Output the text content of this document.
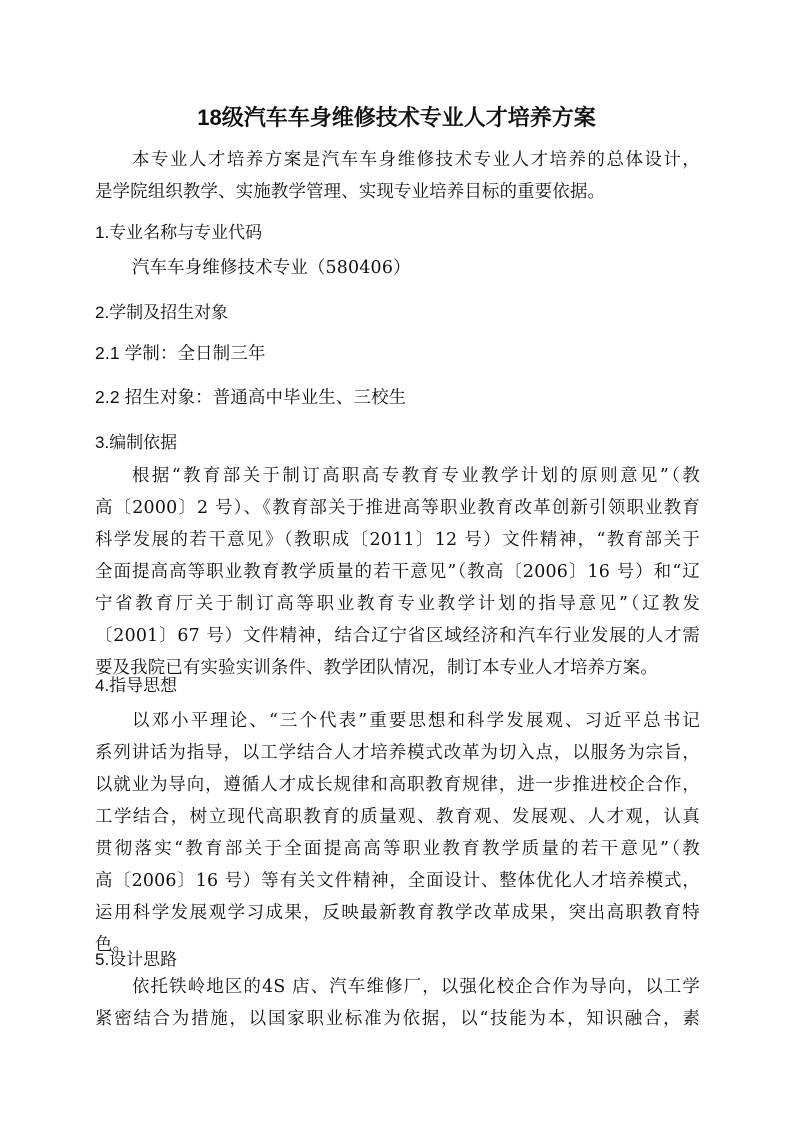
18级汽车车身维修技术专业人才培养方案
本专业人才培养方案是汽车车身维修技术专业人才培养的总体设计，
是学院组织教学、实施教学管理、实现专业培养目标的重要依据。
1.专业名称与专业代码
汽车车身维修技术专业（580406）
2.学制及招生对象
2.1 学制：全日制三年
2.2 招生对象：普通高中毕业生、三校生
3.编制依据
根据“教育部关于制订高职高专教育专业教学计划的原则意见”（教
高〔2000〕2 号）、《教育部关于推进高等职业教育改革创新引领职业教育
科学发展的若干意见》（教职成〔2011〕12 号）文件精神，“教育部关于
全面提高高等职业教育教学质量的若干意见”（教高〔2006〕16 号）和“辽
宁省教育厅关于制订高等职业教育专业教学计划的指导意见”（辽教发
〔2001〕67 号）文件精神，结合辽宁省区域经济和汽车行业发展的人才需
要及我院已有实验实训条件、教学团队情况，制订本专业人才培养方案。
4.指导思想
以邓小平理论、“三个代表”重要思想和科学发展观、习近平总书记
系列讲话为指导，以工学结合人才培养模式改革为切入点，以服务为宗旨，
以就业为导向，遵循人才成长规律和高职教育规律，进一步推进校企合作，
工学结合，树立现代高职教育的质量观、教育观、发展观、人才观，认真
贯彻落实“教育部关于全面提高高等职业教育教学质量的若干意见”（教
高〔2006〕16 号）等有关文件精神，全面设计、整体优化人才培养模式，
运用科学发展观学习成果，反映最新教育教学改革成果，突出高职教育特
色。
5.设计思路
依托铁岭地区的4S 店、汽车维修厂，以强化校企合作为导向，以工学
紧密结合为措施，以国家职业标准为依据，以“技能为本，知识融合，素
